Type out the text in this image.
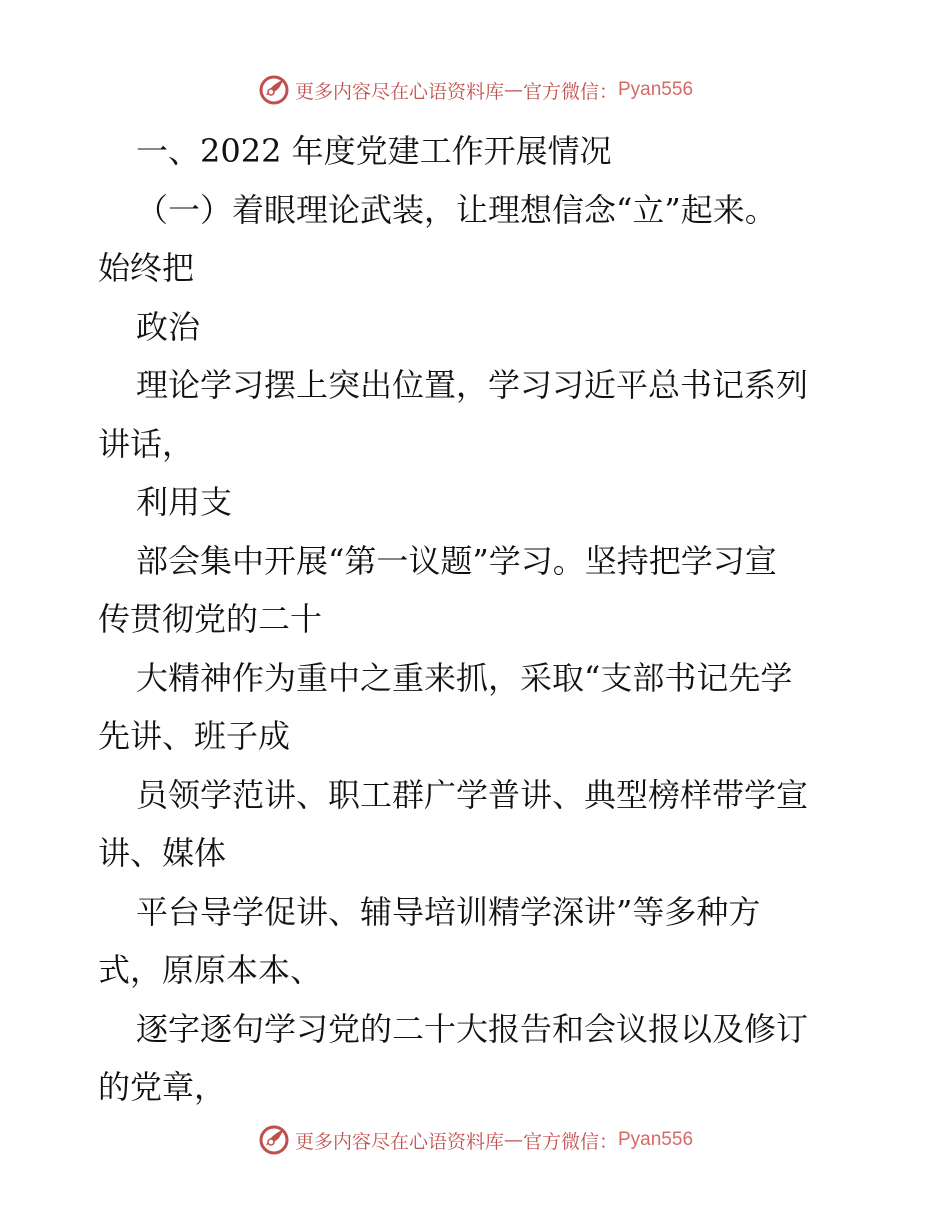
更多内容尽在心语资料库 — 官方微信： Pyan556
一、2022 年度党建工作开展情况
（一）着眼理论武装，让理想信念“立”起来。
始终把
政治
理论学习摆上突出位置，学习习近平总书记系列
讲话，
利用支
部会集中开展“第一议题”学习。坚持把学习宣
传贯彻党的二十
大精神作为重中之重来抓，采取“支部书记先学
先讲、班子成
员领学范讲、职工群广学普讲、典型榜样带学宣
讲、媒体
平台导学促讲、辅导培训精学深讲”等多种方
式，原原本本、
逐字逐句学习党的二十大报告和会议报以及修订
的党章，
更多内容尽在心语资料库 — 官方微信： Pyan556
